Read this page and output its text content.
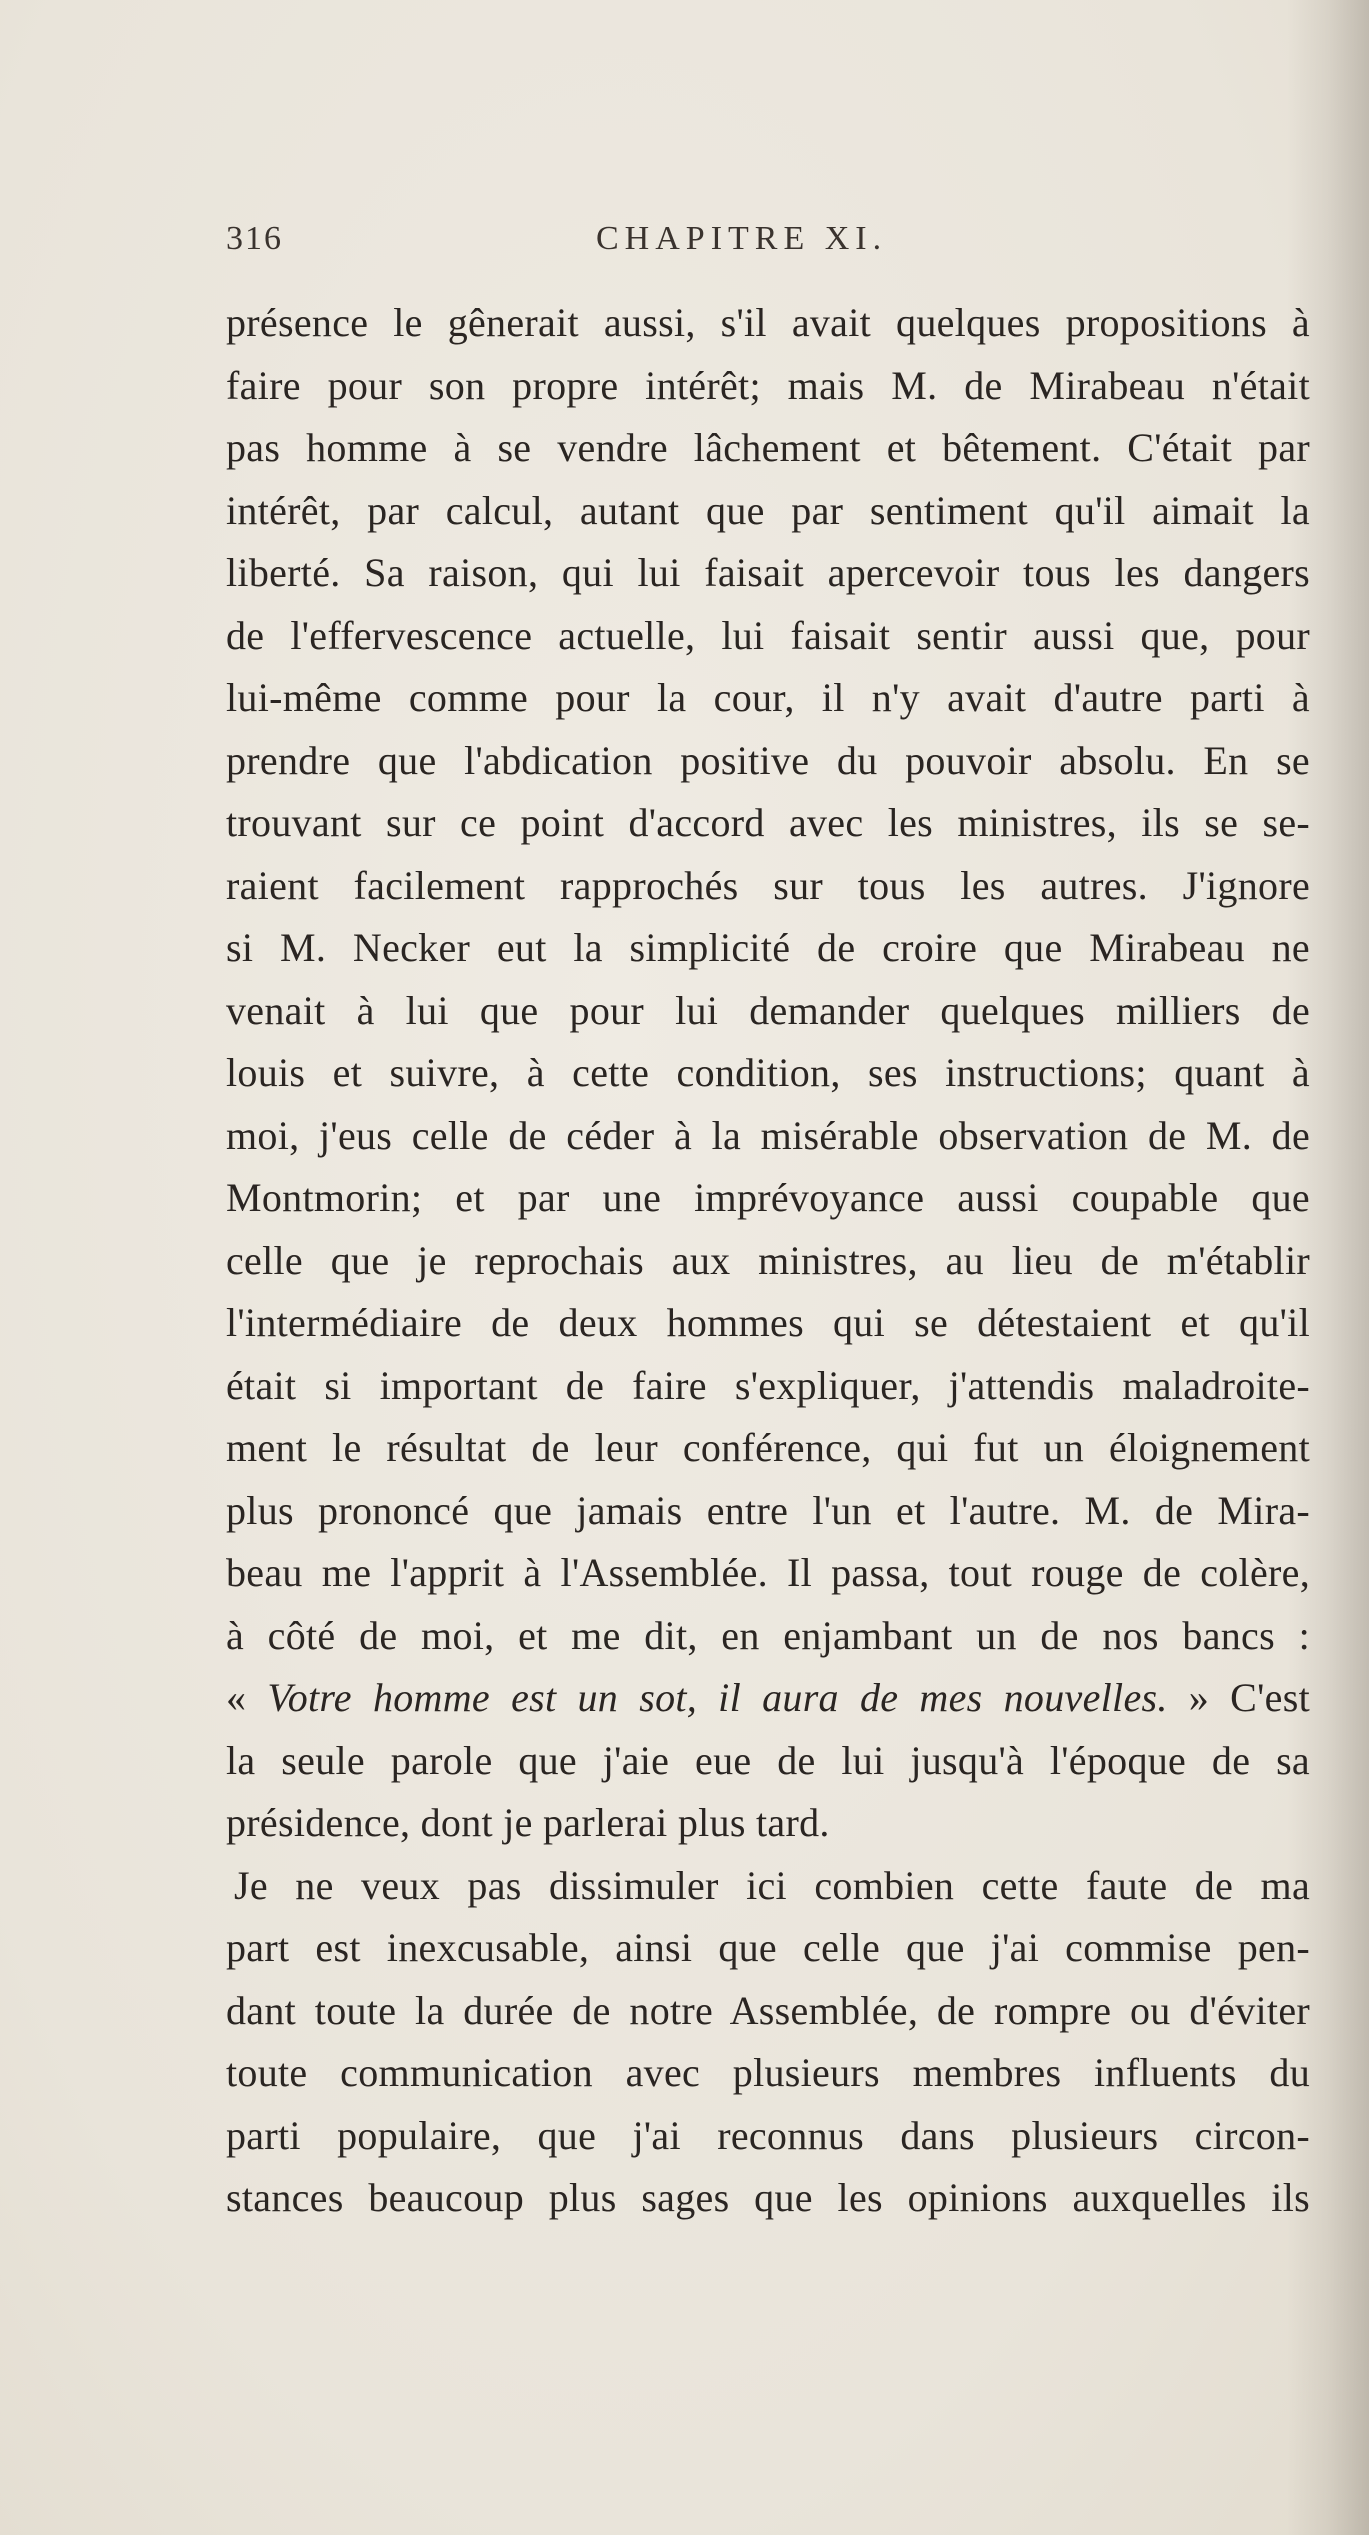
316	CHAPITRE XI.
présence le gênerait aussi, s'il avait quelques propositions à
faire pour son propre intérêt; mais M. de Mirabeau n'était
pas homme à se vendre lâchement et bêtement. C'était par
intérêt, par calcul, autant que par sentiment qu'il aimait la
liberté. Sa raison, qui lui faisait apercevoir tous les dangers
de l'effervescence actuelle, lui faisait sentir aussi que, pour
lui-même comme pour la cour, il n'y avait d'autre parti à
prendre que l'abdication positive du pouvoir absolu. En se
trouvant sur ce point d'accord avec les ministres, ils se se-
raient facilement rapprochés sur tous les autres. J'ignore
si M. Necker eut la simplicité de croire que Mirabeau ne
venait à lui que pour lui demander quelques milliers de
louis et suivre, à cette condition, ses instructions; quant à
moi, j'eus celle de céder à la misérable observation de M. de
Montmorin; et par une imprévoyance aussi coupable que
celle que je reprochais aux ministres, au lieu de m'établir
l'intermédiaire de deux hommes qui se détestaient et qu'il
était si important de faire s'expliquer, j'attendis maladroite-
ment le résultat de leur conférence, qui fut un éloignement
plus prononcé que jamais entre l'un et l'autre. M. de Mira-
beau me l'apprit à l'Assemblée. Il passa, tout rouge de colère,
à côté de moi, et me dit, en enjambant un de nos bancs :
« Votre homme est un sot, il aura de mes nouvelles. » C'est
la seule parole que j'aie eue de lui jusqu'à l'époque de sa
présidence, dont je parlerai plus tard.
Je ne veux pas dissimuler ici combien cette faute de ma
part est inexcusable, ainsi que celle que j'ai commise pen-
dant toute la durée de notre Assemblée, de rompre ou d'éviter
toute communication avec plusieurs membres influents du
parti populaire, que j'ai reconnus dans plusieurs circon-
stances beaucoup plus sages que les opinions auxquelles ils
